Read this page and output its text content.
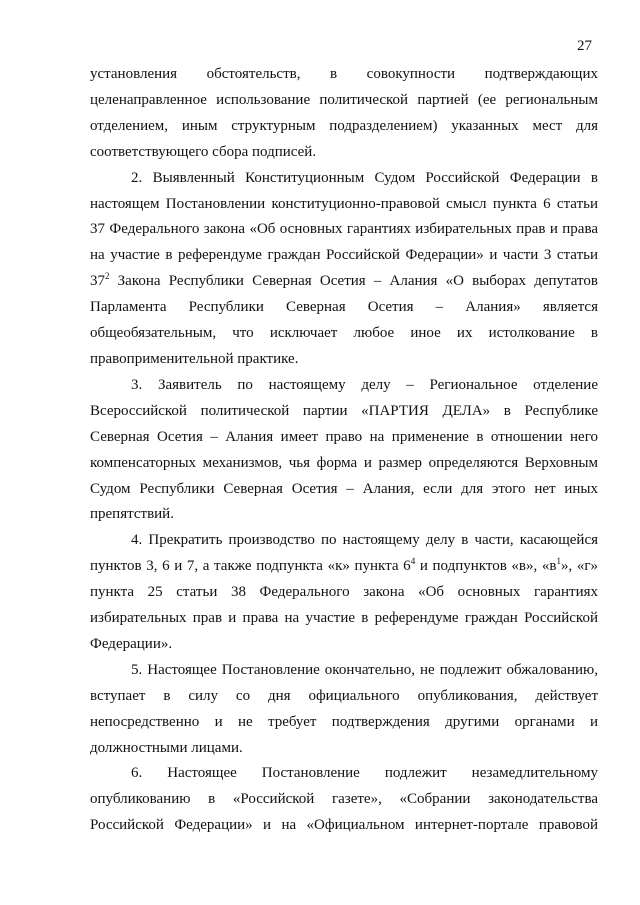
27

установления обстоятельств, в совокупности подтверждающих целенаправленное использование политической партией (ее региональным отделением, иным структурным подразделением) указанных мест для соответствующего сбора подписей.

2. Выявленный Конституционным Судом Российской Федерации в настоящем Постановлении конституционно-правовой смысл пункта 6 статьи 37 Федерального закона «Об основных гарантиях избирательных прав и права на участие в референдуме граждан Российской Федерации» и части 3 статьи $37^2$ Закона Республики Северная Осетия – Алания «О выборах депутатов Парламента Республики Северная Осетия – Алания» является общеобязательным, что исключает любое иное их истолкование в правоприменительной практике.

3. Заявитель по настоящему делу – Региональное отделение Всероссийской политической партии «ПАРТИЯ ДЕЛА» в Республике Северная Осетия – Алания имеет право на применение в отношении него компенсаторных механизмов, чья форма и размер определяются Верховным Судом Республики Северная Осетия – Алания, если для этого нет иных препятствий.

4. Прекратить производство по настоящему делу в части, касающейся пунктов 3, 6 и 7, а также подпункта «к» пункта $6^4$ и подпунктов «в», «$в^1$», «г» пункта 25 статьи 38 Федерального закона «Об основных гарантиях избирательных прав и права на участие в референдуме граждан Российской Федерации».

5. Настоящее Постановление окончательно, не подлежит обжалованию, вступает в силу со дня официального опубликования, действует непосредственно и не требует подтверждения другими органами и должностными лицами.

6. Настоящее Постановление подлежит незамедлительному опубликованию в «Российской газете», «Собрании законодательства Российской Федерации» и на «Официальном интернет-портале правовой
